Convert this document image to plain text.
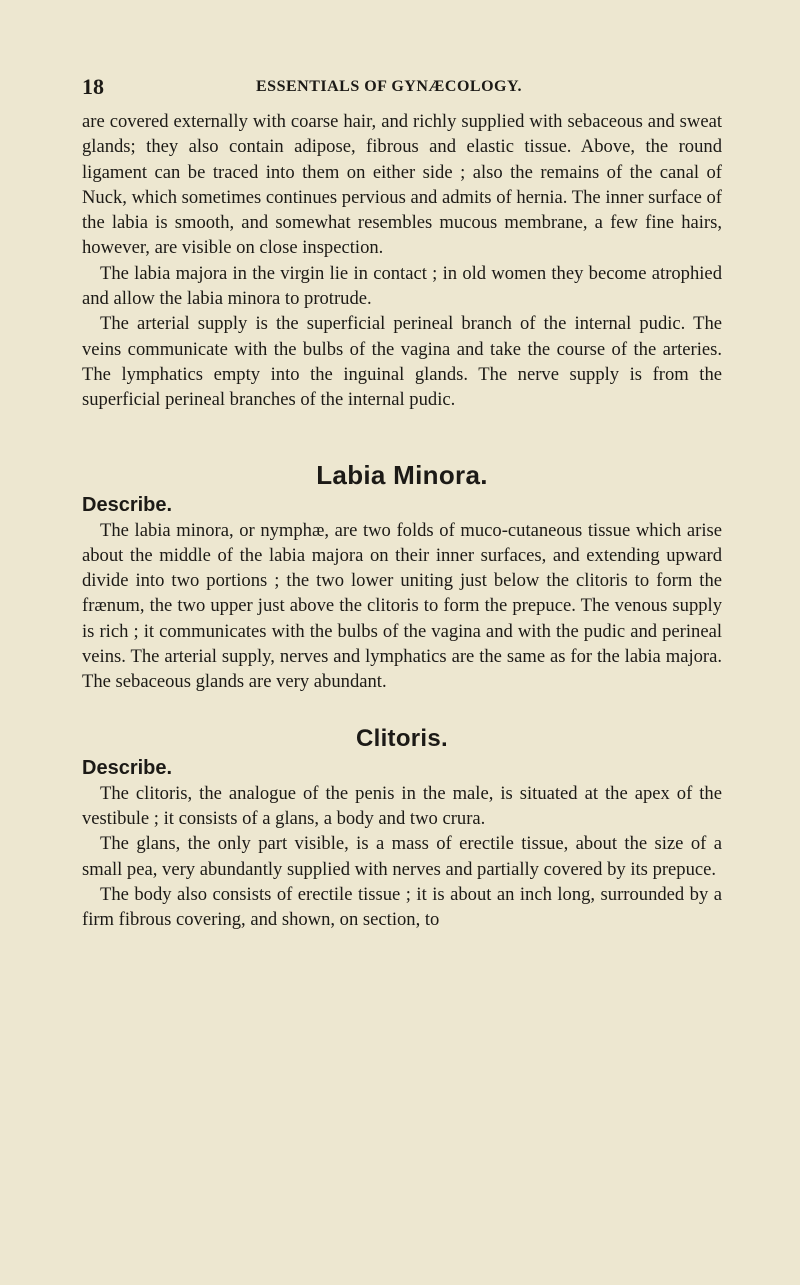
18	ESSENTIALS OF GYNÆCOLOGY.

are covered externally with coarse hair, and richly supplied with sebaceous and sweat glands; they also contain adipose, fibrous and elastic tissue. Above, the round ligament can be traced into them on either side ; also the remains of the canal of Nuck, which sometimes continues pervious and admits of hernia. The inner surface of the labia is smooth, and somewhat resembles mucous membrane, a few fine hairs, however, are visible on close inspection.

The labia majora in the virgin lie in contact ; in old women they become atrophied and allow the labia minora to protrude.

The arterial supply is the superficial perineal branch of the internal pudic. The veins communicate with the bulbs of the vagina and take the course of the arteries. The lymphatics empty into the inguinal glands. The nerve supply is from the superficial perineal branches of the internal pudic.

Labia Minora.

Describe.

The labia minora, or nymphæ, are two folds of muco-cutaneous tissue which arise about the middle of the labia majora on their inner surfaces, and extending upward divide into two portions ; the two lower uniting just below the clitoris to form the frænum, the two upper just above the clitoris to form the prepuce. The venous supply is rich ; it communicates with the bulbs of the vagina and with the pudic and perineal veins. The arterial supply, nerves and lymphatics are the same as for the labia majora. The sebaceous glands are very abundant.

Clitoris.

Describe.

The clitoris, the analogue of the penis in the male, is situated at the apex of the vestibule ; it consists of a glans, a body and two crura.

The glans, the only part visible, is a mass of erectile tissue, about the size of a small pea, very abundantly supplied with nerves and partially covered by its prepuce.

The body also consists of erectile tissue ; it is about an inch long, surrounded by a firm fibrous covering, and shown, on section, to
